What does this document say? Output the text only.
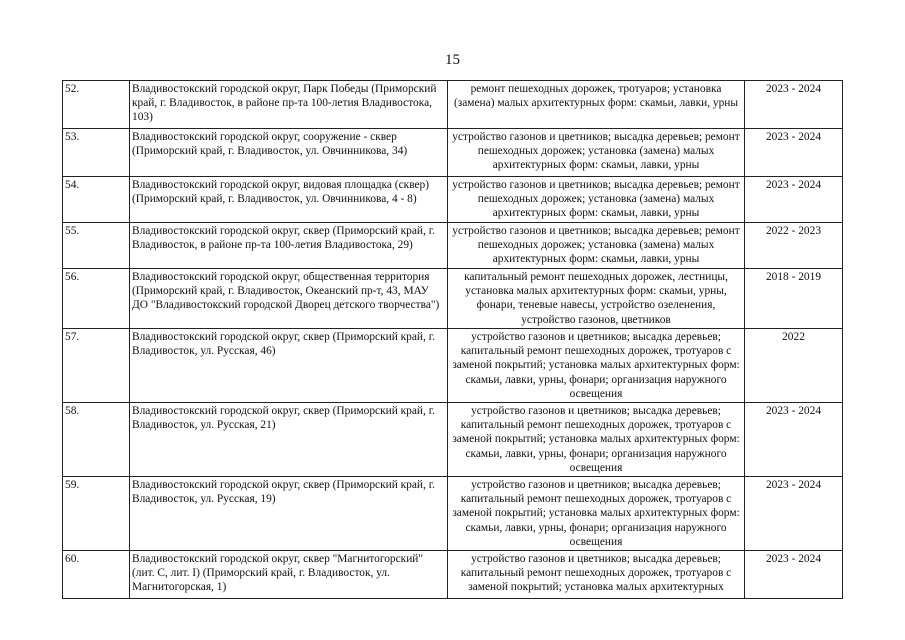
15
52.	Владивостокский городской округ, Парк Победы (Приморский край, г. Владивосток, в районе пр-та 100-летия Владивостока, 103)	ремонт пешеходных дорожек, тротуаров; установка (замена) малых архитектурных форм: скамьи, лавки, урны	2023 - 2024
53.	Владивостокский городской округ, сооружение - сквер (Приморский край, г. Владивосток, ул. Овчинникова, 34)	устройство газонов и цветников; высадка деревьев; ремонт пешеходных дорожек; установка (замена) малых архитектурных форм: скамьи, лавки, урны	2023 - 2024
54.	Владивостокский городской округ, видовая площадка (сквер) (Приморский край, г. Владивосток, ул. Овчинникова, 4 - 8)	устройство газонов и цветников; высадка деревьев; ремонт пешеходных дорожек; установка (замена) малых архитектурных форм: скамьи, лавки, урны	2023 - 2024
55.	Владивостокский городской округ, сквер (Приморский край, г. Владивосток, в районе пр-та 100-летия Владивостока, 29)	устройство газонов и цветников; высадка деревьев; ремонт пешеходных дорожек; установка (замена) малых архитектурных форм: скамьи, лавки, урны	2022 - 2023
56.	Владивостокский городской округ, общественная территория (Приморский край, г. Владивосток, Океанский пр-т, 43, МАУ ДО "Владивостокский городской Дворец детского творчества")	капитальный ремонт пешеходных дорожек, лестницы, установка малых архитектурных форм: скамьи, урны, фонари, теневые навесы, устройство озеленения, устройство газонов, цветников	2018 - 2019
57.	Владивостокский городской округ, сквер (Приморский край, г. Владивосток, ул. Русская, 46)	устройство газонов и цветников; высадка деревьев; капитальный ремонт пешеходных дорожек, тротуаров с заменой покрытий; установка малых архитектурных форм: скамьи, лавки, урны, фонари; организация наружного освещения	2022
58.	Владивостокский городской округ, сквер (Приморский край, г. Владивосток, ул. Русская, 21)	устройство газонов и цветников; высадка деревьев; капитальный ремонт пешеходных дорожек, тротуаров с заменой покрытий; установка малых архитектурных форм: скамьи, лавки, урны, фонари; организация наружного освещения	2023 - 2024
59.	Владивостокский городской округ, сквер (Приморский край, г. Владивосток, ул. Русская, 19)	устройство газонов и цветников; высадка деревьев; капитальный ремонт пешеходных дорожек, тротуаров с заменой покрытий; установка малых архитектурных форм: скамьи, лавки, урны, фонари; организация наружного освещения	2023 - 2024
60.	Владивостокский городской округ, сквер "Магнитогорский" (лит. С, лит. I) (Приморский край, г. Владивосток, ул. Магнитогорская, 1)	устройство газонов и цветников; высадка деревьев; капитальный ремонт пешеходных дорожек, тротуаров с заменой покрытий; установка малых архитектурных	2023 - 2024
